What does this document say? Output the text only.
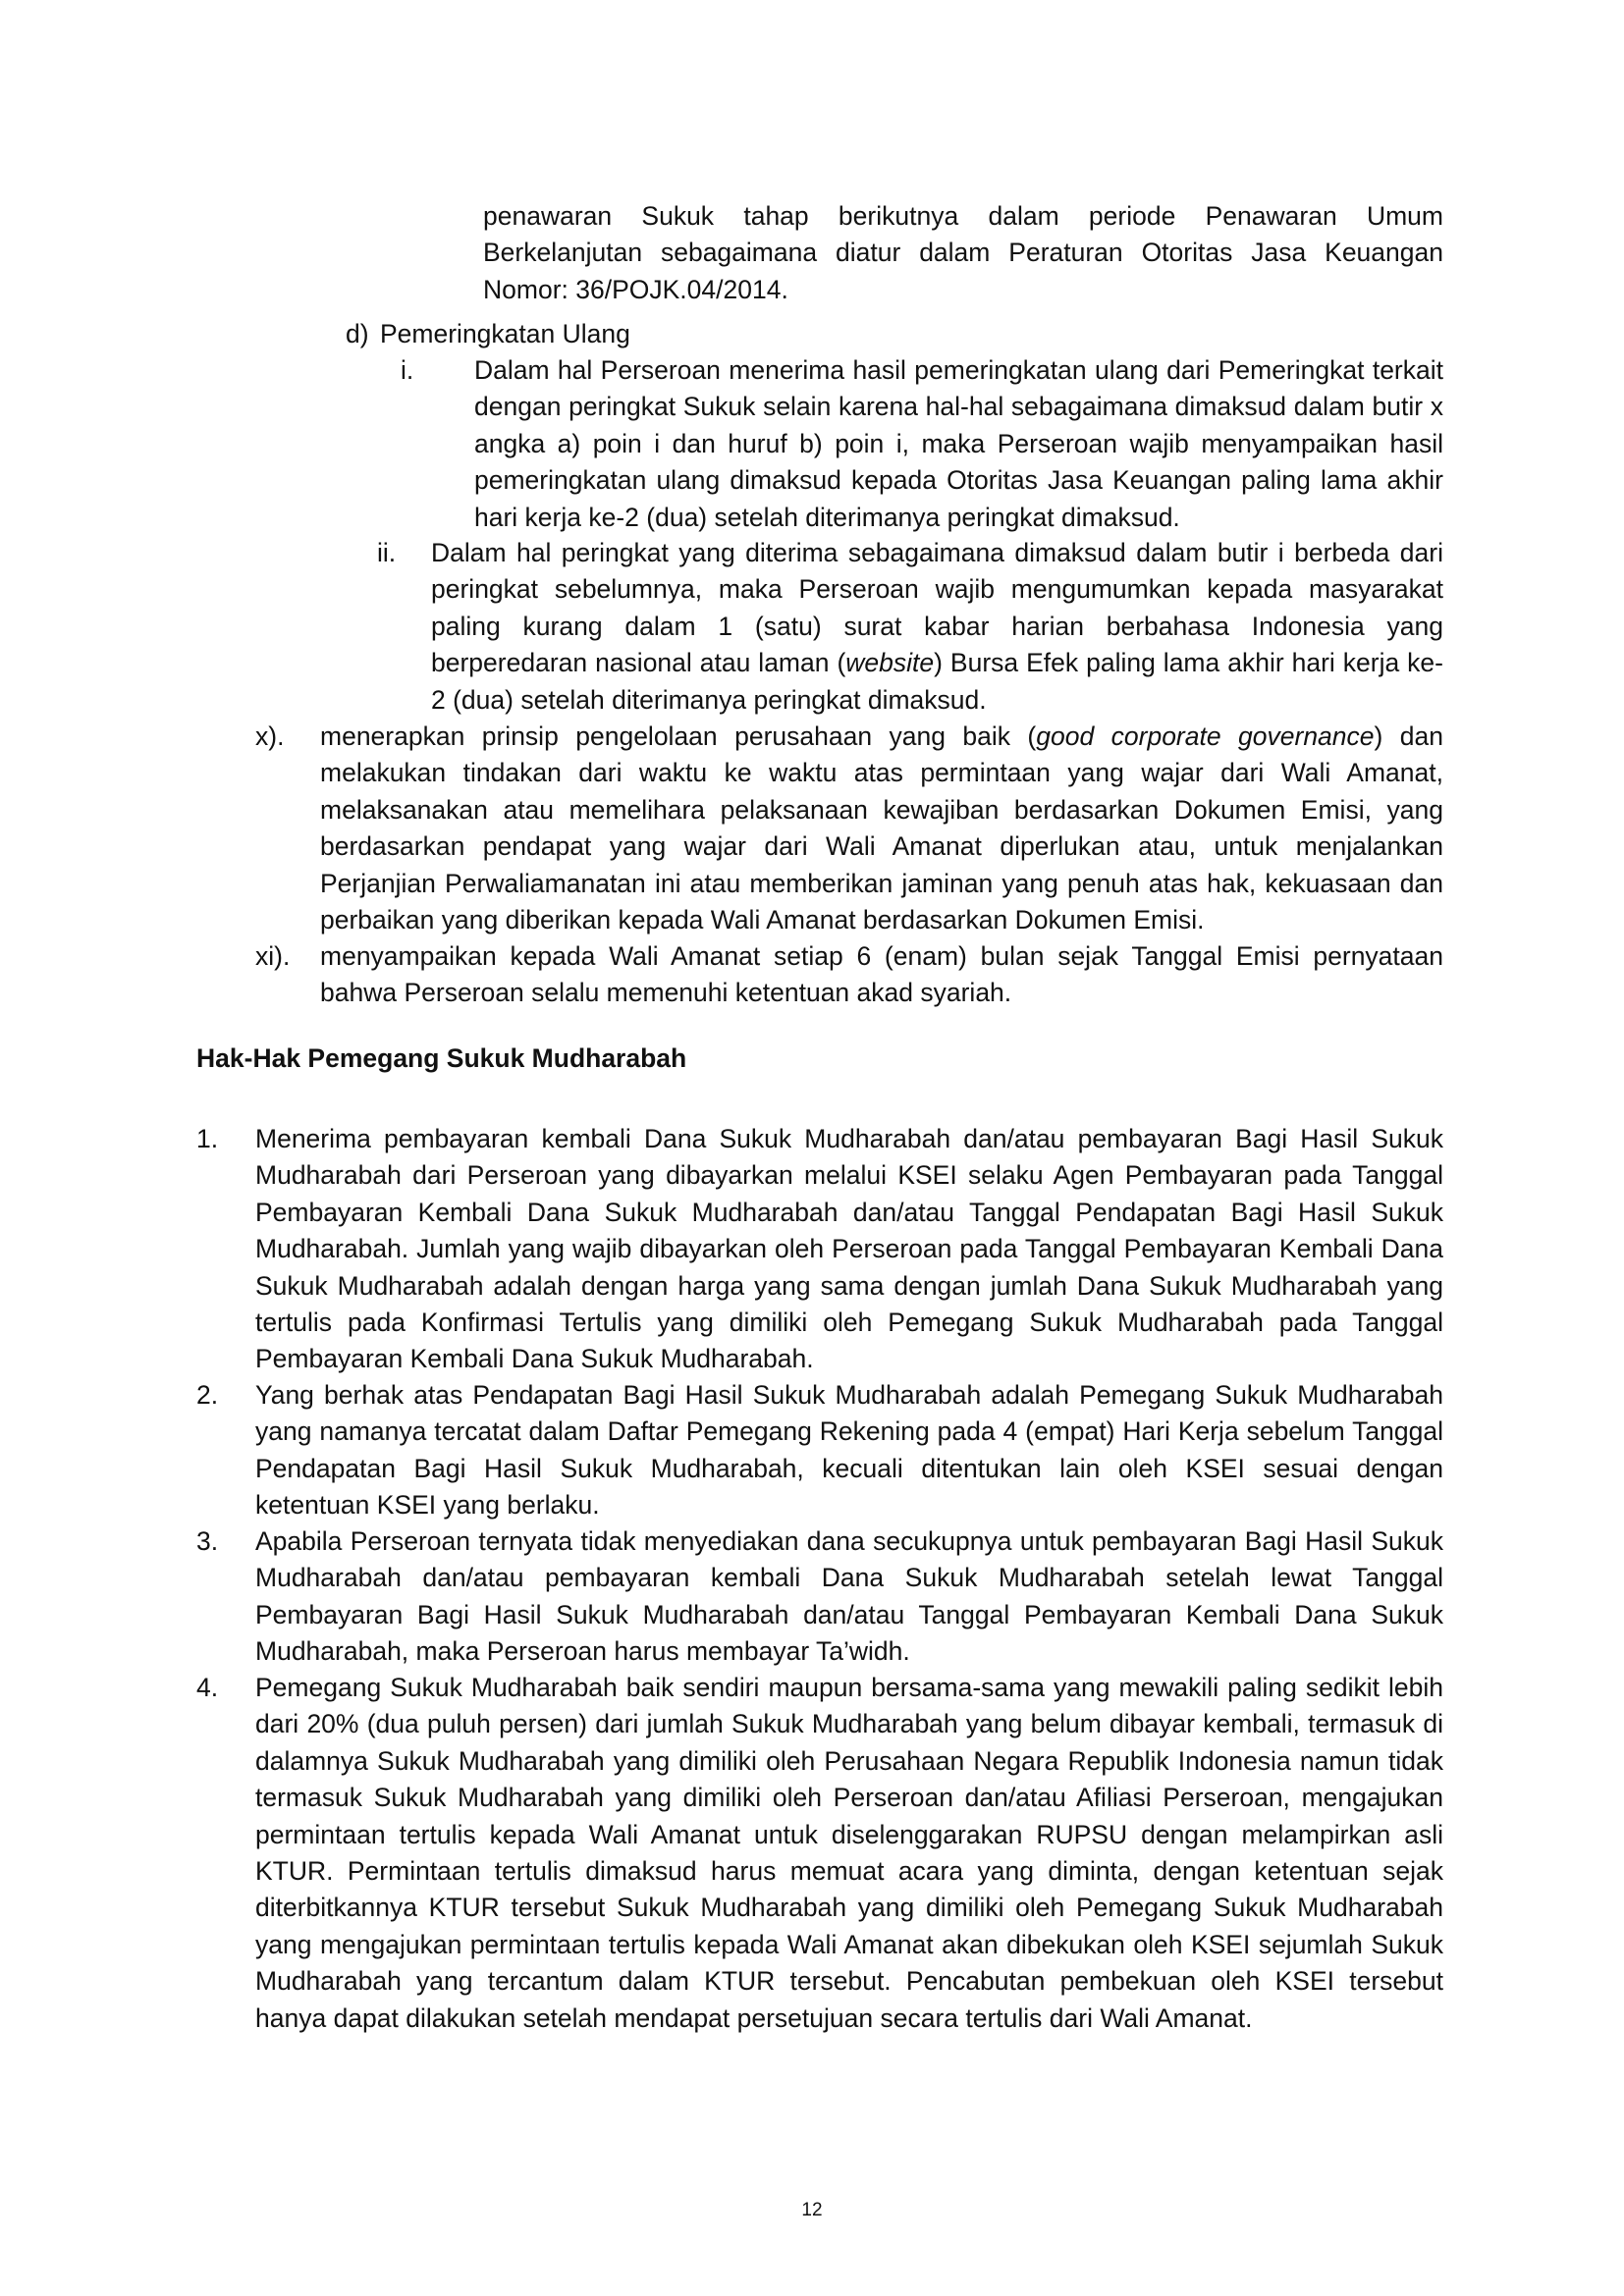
penawaran Sukuk tahap berikutnya dalam periode Penawaran Umum Berkelanjutan sebagaimana diatur dalam Peraturan Otoritas Jasa Keuangan Nomor: 36/POJK.04/2014.

d) Pemeringkatan Ulang
i. Dalam hal Perseroan menerima hasil pemeringkatan ulang dari Pemeringkat terkait dengan peringkat Sukuk selain karena hal-hal sebagaimana dimaksud dalam butir x angka a) poin i dan huruf b) poin i, maka Perseroan wajib menyampaikan hasil pemeringkatan ulang dimaksud kepada Otoritas Jasa Keuangan paling lama akhir hari kerja ke-2 (dua) setelah diterimanya peringkat dimaksud.

ii. Dalam hal peringkat yang diterima sebagaimana dimaksud dalam butir i berbeda dari peringkat sebelumnya, maka Perseroan wajib mengumumkan kepada masyarakat paling kurang dalam 1 (satu) surat kabar harian berbahasa Indonesia yang berperedaran nasional atau laman (website) Bursa Efek paling lama akhir hari kerja ke-2 (dua) setelah diterimanya peringkat dimaksud.

x). menerapkan prinsip pengelolaan perusahaan yang baik (good corporate governance) dan melakukan tindakan dari waktu ke waktu atas permintaan yang wajar dari Wali Amanat, melaksanakan atau memelihara pelaksanaan kewajiban berdasarkan Dokumen Emisi, yang berdasarkan pendapat yang wajar dari Wali Amanat diperlukan atau, untuk menjalankan Perjanjian Perwaliamanatan ini atau memberikan jaminan yang penuh atas hak, kekuasaan dan perbaikan yang diberikan kepada Wali Amanat berdasarkan Dokumen Emisi.

xi). menyampaikan kepada Wali Amanat setiap 6 (enam) bulan sejak Tanggal Emisi pernyataan bahwa Perseroan selalu memenuhi ketentuan akad syariah.

Hak-Hak Pemegang Sukuk Mudharabah
1. Menerima pembayaran kembali Dana Sukuk Mudharabah dan/atau pembayaran Bagi Hasil Sukuk Mudharabah dari Perseroan yang dibayarkan melalui KSEI selaku Agen Pembayaran pada Tanggal Pembayaran Kembali Dana Sukuk Mudharabah dan/atau Tanggal Pendapatan Bagi Hasil Sukuk Mudharabah. Jumlah yang wajib dibayarkan oleh Perseroan pada Tanggal Pembayaran Kembali Dana Sukuk Mudharabah adalah dengan harga yang sama dengan jumlah Dana Sukuk Mudharabah yang tertulis pada Konfirmasi Tertulis yang dimiliki oleh Pemegang Sukuk Mudharabah pada Tanggal Pembayaran Kembali Dana Sukuk Mudharabah.

2. Yang berhak atas Pendapatan Bagi Hasil Sukuk Mudharabah adalah Pemegang Sukuk Mudharabah yang namanya tercatat dalam Daftar Pemegang Rekening pada 4 (empat) Hari Kerja sebelum Tanggal Pendapatan Bagi Hasil Sukuk Mudharabah, kecuali ditentukan lain oleh KSEI sesuai dengan ketentuan KSEI yang berlaku.

3. Apabila Perseroan ternyata tidak menyediakan dana secukupnya untuk pembayaran Bagi Hasil Sukuk Mudharabah dan/atau pembayaran kembali Dana Sukuk Mudharabah setelah lewat Tanggal Pembayaran Bagi Hasil Sukuk Mudharabah dan/atau Tanggal Pembayaran Kembali Dana Sukuk Mudharabah, maka Perseroan harus membayar Ta’widh.

4. Pemegang Sukuk Mudharabah baik sendiri maupun bersama-sama yang mewakili paling sedikit lebih dari 20% (dua puluh persen) dari jumlah Sukuk Mudharabah yang belum dibayar kembali, termasuk di dalamnya Sukuk Mudharabah yang dimiliki oleh Perusahaan Negara Republik Indonesia namun tidak termasuk Sukuk Mudharabah yang dimiliki oleh Perseroan dan/atau Afiliasi Perseroan, mengajukan permintaan tertulis kepada Wali Amanat untuk diselenggarakan RUPSU dengan melampirkan asli KTUR. Permintaan tertulis dimaksud harus memuat acara yang diminta, dengan ketentuan sejak diterbitkannya KTUR tersebut Sukuk Mudharabah yang dimiliki oleh Pemegang Sukuk Mudharabah yang mengajukan permintaan tertulis kepada Wali Amanat akan dibekukan oleh KSEI sejumlah Sukuk Mudharabah yang tercantum dalam KTUR tersebut. Pencabutan pembekuan oleh KSEI tersebut hanya dapat dilakukan setelah mendapat persetujuan secara tertulis dari Wali Amanat.

12
